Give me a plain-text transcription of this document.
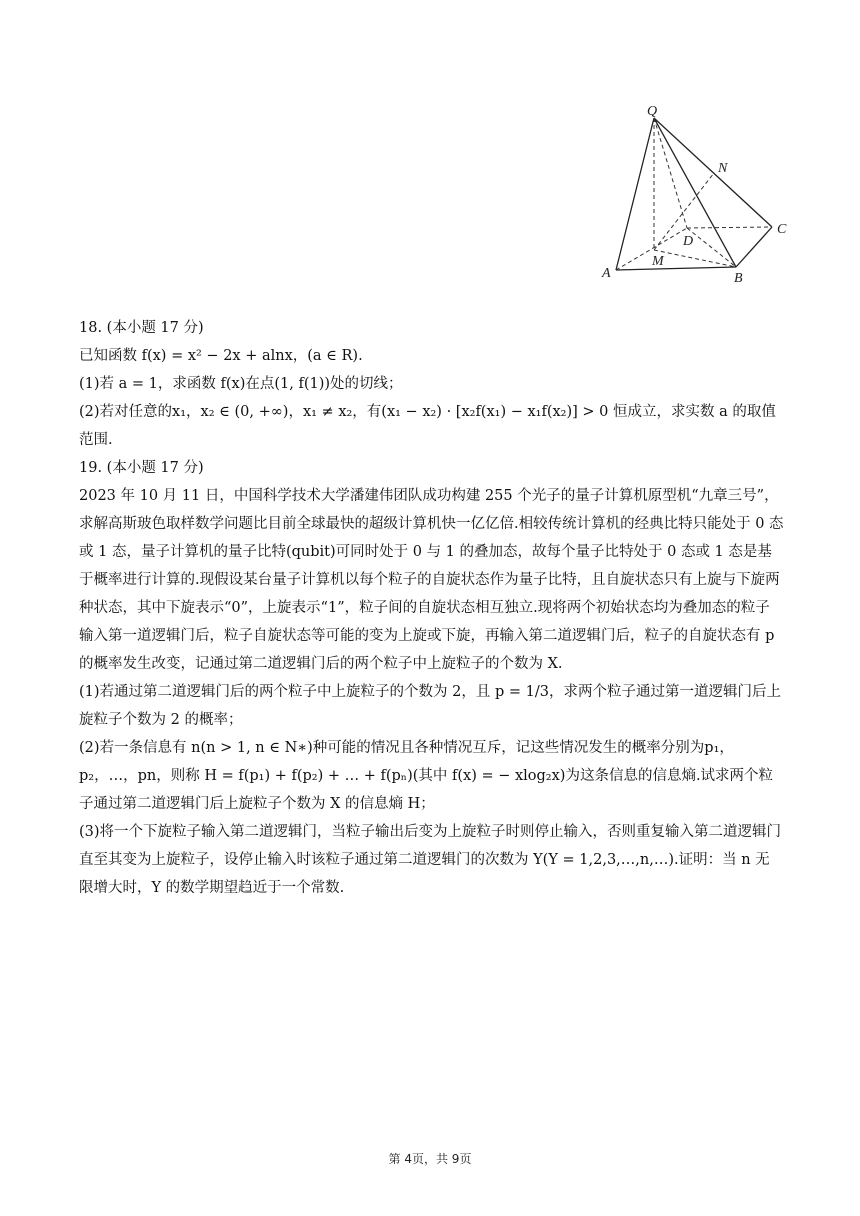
Q
N
C
D
M
A	B

18. (本小题 17 分)

已知函数 f(x) = x² − 2x + alnx，(a ∈ R).

(1)若 a = 1，求函数 f(x)在点(1, f(1))处的切线；

(2)若对任意的x₁，x₂ ∈ (0, +∞)，x₁ ≠ x₂，有(x₁ − x₂) · [x₂f(x₁) − x₁f(x₂)] > 0 恒成立，求实数 a 的取值范围.

19. (本小题 17 分)

2023 年 10 月 11 日，中国科学技术大学潘建伟团队成功构建 255 个光子的量子计算机原型机“九章三号”，求解高斯玻色取样数学问题比目前全球最快的超级计算机快一亿亿倍.相较传统计算机的经典比特只能处于 0 态或 1 态，量子计算机的量子比特(qubit)可同时处于 0 与 1 的叠加态，故每个量子比特处于 0 态或 1 态是基于概率进行计算的.现假设某台量子计算机以每个粒子的自旋状态作为量子比特，且自旋状态只有上旋与下旋两种状态，其中下旋表示“0”，上旋表示“1”，粒子间的自旋状态相互独立.现将两个初始状态均为叠加态的粒子输入第一道逻辑门后，粒子自旋状态等可能的变为上旋或下旋，再输入第二道逻辑门后，粒子的自旋状态有 p 的概率发生改变，记通过第二道逻辑门后的两个粒子中上旋粒子的个数为 X.

(1)若通过第二道逻辑门后的两个粒子中上旋粒子的个数为 2，且 p = 1/3，求两个粒子通过第一道逻辑门后上旋粒子个数为 2 的概率；

(2)若一条信息有 n(n > 1, n ∈ N∗)种可能的情况且各种情况互斥，记这些情况发生的概率分别为p₁，p₂，…，pn，则称 H = f(p₁) + f(p₂) + … + f(pₙ)(其中 f(x) = − xlog₂x)为这条信息的信息熵.试求两个粒子通过第二道逻辑门后上旋粒子个数为 X 的信息熵 H；

(3)将一个下旋粒子输入第二道逻辑门，当粒子输出后变为上旋粒子时则停止输入，否则重复输入第二道逻辑门直至其变为上旋粒子，设停止输入时该粒子通过第二道逻辑门的次数为 Y(Y = 1,2,3,…,n,…).证明：当 n 无限增大时，Y 的数学期望趋近于一个常数.

第 4页，共 9页
